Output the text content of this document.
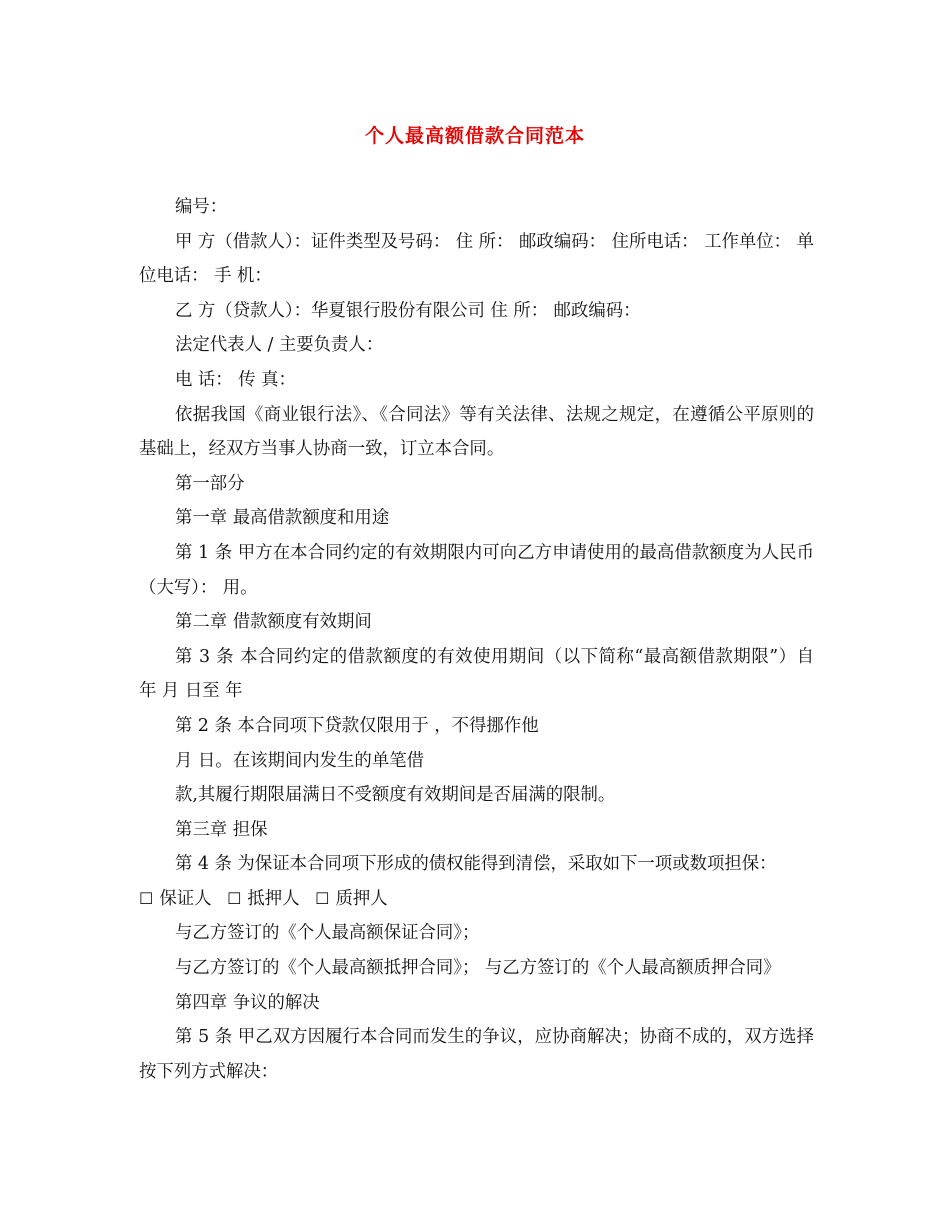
个人最高额借款合同范本

编号：

甲 方（借款人）：证件类型及号码： 住 所： 邮政编码： 住所电话： 工作单位： 单位电话： 手 机：

乙 方（贷款人）：华夏银行股份有限公司 住 所： 邮政编码：

法定代表人 / 主要负责人：

电 话： 传 真：

依据我国《商业银行法》、《合同法》等有关法律、法规之规定，在遵循公平原则的基础上，经双方当事人协商一致，订立本合同。

第一部分

第一章 最高借款额度和用途

第 1 条 甲方在本合同约定的有效期限内可向乙方申请使用的最高借款额度为人民币（大写）： 用。

第二章 借款额度有效期间

第 3 条 本合同约定的借款额度的有效使用期间（以下简称“最高额借款期限”）自 年 月 日至 年

第 2 条 本合同项下贷款仅限用于 ，不得挪作他

月 日。在该期间内发生的单笔借

款,其履行期限届满日不受额度有效期间是否届满的限制。

第三章 担保

第 4 条 为保证本合同项下形成的债权能得到清偿，采取如下一项或数项担保：

☐ 保证人 ☐ 抵押人 ☐ 质押人

与乙方签订的《个人最高额保证合同》；

与乙方签订的《个人最高额抵押合同》； 与乙方签订的《个人最高额质押合同》

第四章 争议的解决

第 5 条 甲乙双方因履行本合同而发生的争议，应协商解决；协商不成的，双方选择按下列方式解决：
